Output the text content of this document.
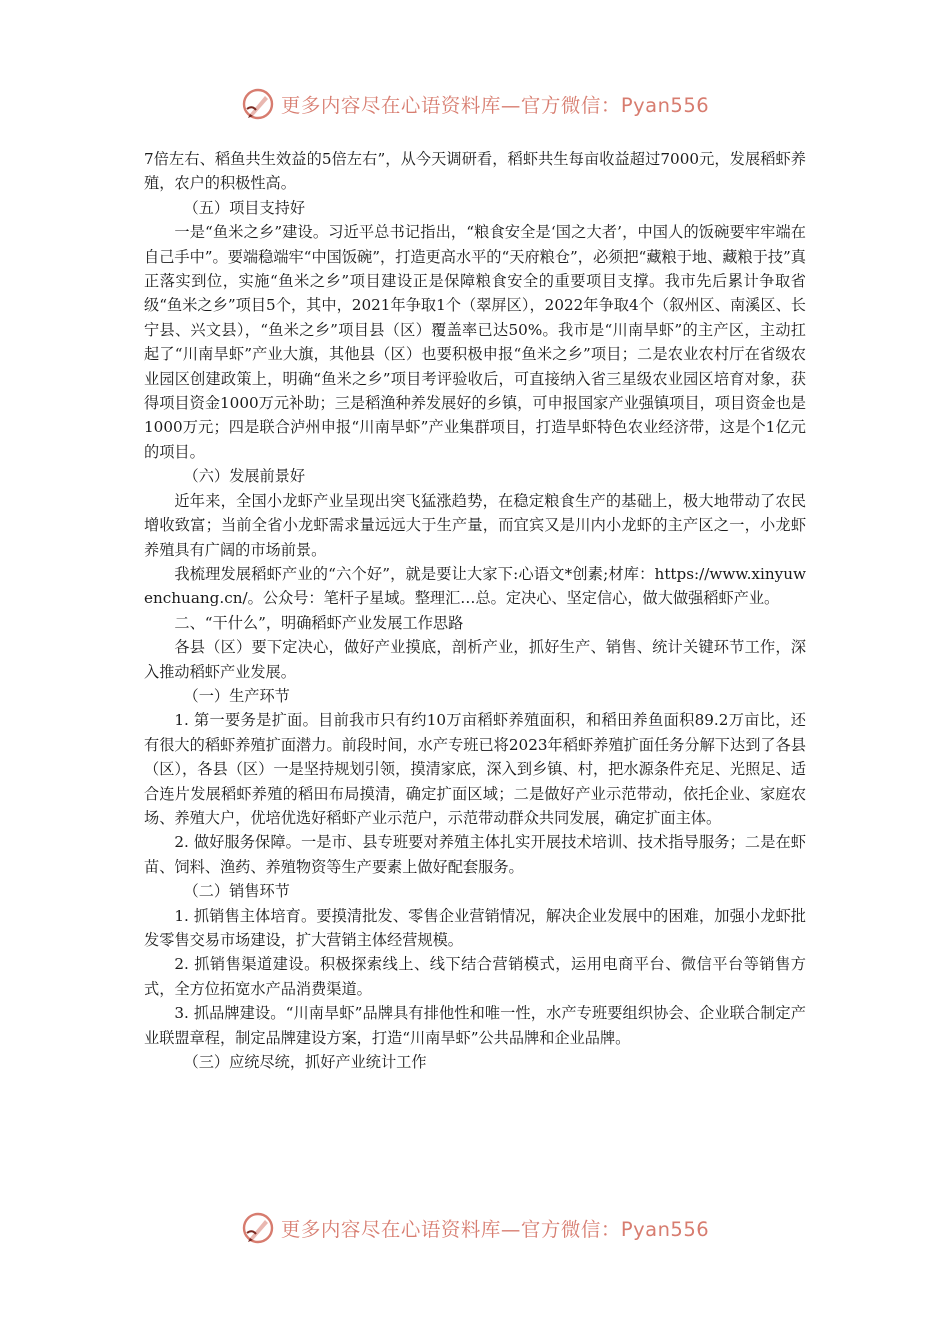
更多内容尽在心语资料库—官方微信：Pyan556

7倍左右、稻鱼共生效益的5倍左右”，从今天调研看，稻虾共生每亩收益超过7000元，发展稻虾养殖，农户的积极性高。

（五）项目支持好

一是“鱼米之乡”建设。习近平总书记指出，“粮食安全是‘国之大者’，中国人的饭碗要牢牢端在自己手中”。要端稳端牢“中国饭碗”，打造更高水平的“天府粮仓”，必须把“藏粮于地、藏粮于技”真正落实到位，实施“鱼米之乡”项目建设正是保障粮食安全的重要项目支撑。我市先后累计争取省级“鱼米之乡”项目5个，其中，2021年争取1个（翠屏区），2022年争取4个（叙州区、南溪区、长宁县、兴文县），“鱼米之乡”项目县（区）覆盖率已达50%。我市是“川南旱虾”的主产区，主动扛起了“川南旱虾”产业大旗，其他县（区）也要积极申报“鱼米之乡”项目；二是农业农村厅在省级农业园区创建政策上，明确“鱼米之乡”项目考评验收后，可直接纳入省三星级农业园区培育对象，获得项目资金1000万元补助；三是稻渔种养发展好的乡镇，可申报国家产业强镇项目，项目资金也是1000万元；四是联合泸州申报“川南旱虾”产业集群项目，打造旱虾特色农业经济带，这是个1亿元的项目。

（六）发展前景好

近年来，全国小龙虾产业呈现出突飞猛涨趋势，在稳定粮食生产的基础上，极大地带动了农民增收致富；当前全省小龙虾需求量远远大于生产量，而宜宾又是川内小龙虾的主产区之一，小龙虾养殖具有广阔的市场前景。

我梳理发展稻虾产业的“六个好”，就是要让大家下:心语文*创素;材库：https://www.xinyuwenchuang.cn/。公众号：笔杆子星域。整理汇…总。定决心、坚定信心，做大做强稻虾产业。

二、“干什么”，明确稻虾产业发展工作思路

各县（区）要下定决心，做好产业摸底，剖析产业，抓好生产、销售、统计关键环节工作，深入推动稻虾产业发展。

（一）生产环节

1. 第一要务是扩面。目前我市只有约10万亩稻虾养殖面积，和稻田养鱼面积89.2万亩比，还有很大的稻虾养殖扩面潜力。前段时间，水产专班已将2023年稻虾养殖扩面任务分解下达到了各县（区），各县（区）一是坚持规划引领，摸清家底，深入到乡镇、村，把水源条件充足、光照足、适合连片发展稻虾养殖的稻田布局摸清，确定扩面区域；二是做好产业示范带动，依托企业、家庭农场、养殖大户，优培优选好稻虾产业示范户，示范带动群众共同发展，确定扩面主体。

2. 做好服务保障。一是市、县专班要对养殖主体扎实开展技术培训、技术指导服务；二是在虾苗、饲料、渔药、养殖物资等生产要素上做好配套服务。

（二）销售环节

1. 抓销售主体培育。要摸清批发、零售企业营销情况，解决企业发展中的困难，加强小龙虾批发零售交易市场建设，扩大营销主体经营规模。

2. 抓销售渠道建设。积极探索线上、线下结合营销模式，运用电商平台、微信平台等销售方式，全方位拓宽水产品消费渠道。

3. 抓品牌建设。“川南旱虾”品牌具有排他性和唯一性，水产专班要组织协会、企业联合制定产业联盟章程，制定品牌建设方案，打造“川南旱虾”公共品牌和企业品牌。

（三）应统尽统，抓好产业统计工作

更多内容尽在心语资料库—官方微信：Pyan556
